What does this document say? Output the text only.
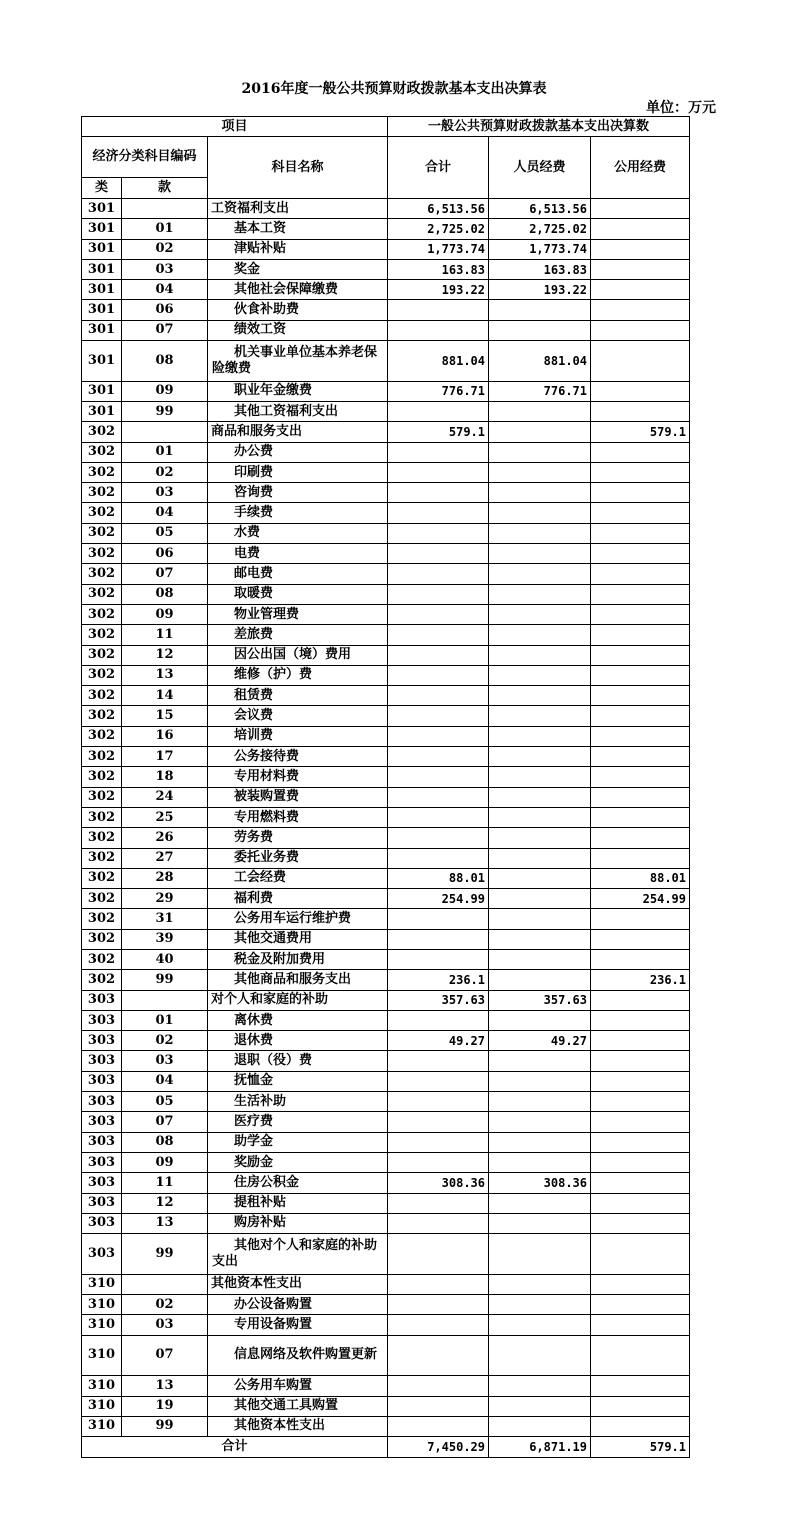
2016年度一般公共预算财政拨款基本支出决算表
单位：万元
项目			一般公共预算财政拨款基本支出决算数		
经济分类科目编码		科目名称	合计	人员经费	公用经费
类	款				
301		工资福利支出	6,513.56	6,513.56	
301	01	基本工资	2,725.02	2,725.02	
301	02	津贴补贴	1,773.74	1,773.74	
301	03	奖金	163.83	163.83	
301	04	其他社会保障缴费	193.22	193.22	
301	06	伙食补助费			
301	07	绩效工资			
301	08	机关事业单位基本养老保险缴费	881.04	881.04	
301	09	职业年金缴费	776.71	776.71	
301	99	其他工资福利支出			
302		商品和服务支出	579.1		579.1
302	01	办公费			
302	02	印刷费			
302	03	咨询费			
302	04	手续费			
302	05	水费			
302	06	电费			
302	07	邮电费			
302	08	取暖费			
302	09	物业管理费			
302	11	差旅费			
302	12	因公出国（境）费用			
302	13	维修（护）费			
302	14	租赁费			
302	15	会议费			
302	16	培训费			
302	17	公务接待费			
302	18	专用材料费			
302	24	被装购置费			
302	25	专用燃料费			
302	26	劳务费			
302	27	委托业务费			
302	28	工会经费	88.01		88.01
302	29	福利费	254.99		254.99
302	31	公务用车运行维护费			
302	39	其他交通费用			
302	40	税金及附加费用			
302	99	其他商品和服务支出	236.1		236.1
303		对个人和家庭的补助	357.63	357.63	
303	01	离休费			
303	02	退休费	49.27	49.27	
303	03	退职（役）费			
303	04	抚恤金			
303	05	生活补助			
303	07	医疗费			
303	08	助学金			
303	09	奖励金			
303	11	住房公积金	308.36	308.36	
303	12	提租补贴			
303	13	购房补贴			
303	99	其他对个人和家庭的补助支出			
310		其他资本性支出			
310	02	办公设备购置			
310	03	专用设备购置			
310	07	信息网络及软件购置更新			
310	13	公务用车购置			
310	19	其他交通工具购置			
310	99	其他资本性支出			
合计			7,450.29	6,871.19	579.1
